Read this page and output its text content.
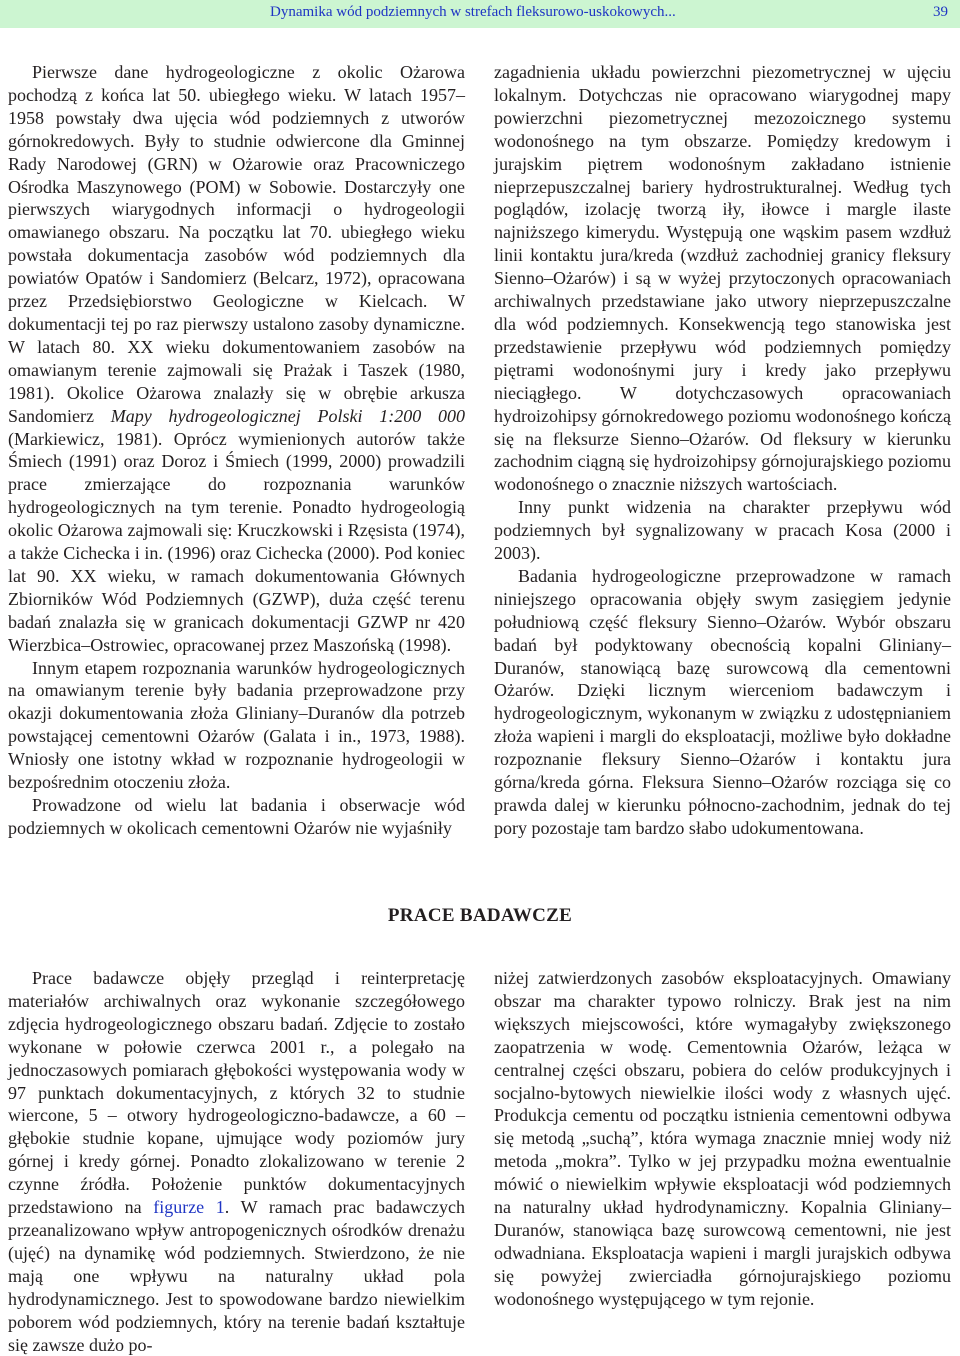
Dynamika wód podziemnych w strefach fleksurowo-uskokowych...	39

Pierwsze dane hydrogeologiczne z okolic Ożarowa pochodzą z końca lat 50. ubiegłego wieku. W latach 1957–1958 powstały dwa ujęcia wód podziemnych z utworów górnokredowych. Były to studnie odwiercone dla Gminnej Rady Narodowej (GRN) w Ożarowie oraz Pracowniczego Ośrodka Maszynowego (POM) w Sobowie. Dostarczyły one pierwszych wiarygodnych informacji o hydrogeologii omawianego obszaru. Na początku lat 70. ubiegłego wieku powstała dokumentacja zasobów wód podziemnych dla powiatów Opatów i Sandomierz (Belcarz, 1972), opracowana przez Przedsiębiorstwo Geologiczne w Kielcach. W dokumentacji tej po raz pierwszy ustalono zasoby dynamiczne. W latach 80. XX wieku dokumentowaniem zasobów na omawianym terenie zajmowali się Prażak i Taszek (1980, 1981). Okolice Ożarowa znalazły się w obrębie arkusza Sandomierz Mapy hydrogeologicznej Polski 1:200 000 (Markiewicz, 1981). Oprócz wymienionych autorów także Śmiech (1991) oraz Doroz i Śmiech (1999, 2000) prowadzili prace zmierzające do rozpoznania warunków hydrogeologicznych na tym terenie. Ponadto hydrogeologią okolic Ożarowa zajmowali się: Kruczkowski i Rzęsista (1974), a także Cichecka i in. (1996) oraz Cichecka (2000). Pod koniec lat 90. XX wieku, w ramach dokumentowania Głównych Zbiorników Wód Podziemnych (GZWP), duża część terenu badań znalazła się w granicach dokumentacji GZWP nr 420 Wierzbica–Ostrowiec, opracowanej przez Maszońską (1998).

Innym etapem rozpoznania warunków hydrogeologicznych na omawianym terenie były badania przeprowadzone przy okazji dokumentowania złoża Gliniany–Duranów dla potrzeb powstającej cementowni Ożarów (Galata i in., 1973, 1988). Wniosły one istotny wkład w rozpoznanie hydrogeologii w bezpośrednim otoczeniu złoża.

Prowadzone od wielu lat badania i obserwacje wód podziemnych w okolicach cementowni Ożarów nie wyjaśniły

zagadnienia układu powierzchni piezometrycznej w ujęciu lokalnym. Dotychczas nie opracowano wiarygodnej mapy powierzchni piezometrycznej mezozoicznego systemu wodonośnego na tym obszarze. Pomiędzy kredowym i jurajskim piętrem wodonośnym zakładano istnienie nieprzepuszczalnej bariery hydrostrukturalnej. Według tych poglądów, izolację tworzą iły, iłowce i margle ilaste najniższego kimerydu. Występują one wąskim pasem wzdłuż linii kontaktu jura/kreda (wzdłuż zachodniej granicy fleksury Sienno–Ożarów) i są w wyżej przytoczonych opracowaniach archiwalnych przedstawiane jako utwory nieprzepuszczalne dla wód podziemnych. Konsekwencją tego stanowiska jest przedstawienie przepływu wód podziemnych pomiędzy piętrami wodonośnymi jury i kredy jako przepływu nieciągłego. W dotychczasowych opracowaniach hydroizohipsy górnokredowego poziomu wodonośnego kończą się na fleksurze Sienno–Ożarów. Od fleksury w kierunku zachodnim ciągną się hydroizohipsy górnojurajskiego poziomu wodonośnego o znacznie niższych wartościach.

Inny punkt widzenia na charakter przepływu wód podziemnych był sygnalizowany w pracach Kosa (2000 i 2003).

Badania hydrogeologiczne przeprowadzone w ramach niniejszego opracowania objęły swym zasięgiem jedynie południową część fleksury Sienno–Ożarów. Wybór obszaru badań był podyktowany obecnością kopalni Gliniany–Duranów, stanowiącą bazę surowcową dla cementowni Ożarów. Dzięki licznym wierceniom badawczym i hydrogeologicznym, wykonanym w związku z udostępnianiem złoża wapieni i margli do eksploatacji, możliwe było dokładne rozpoznanie fleksury Sienno–Ożarów i kontaktu jura górna/kreda górna. Fleksura Sienno–Ożarów rozciąga się co prawda dalej w kierunku północno-zachodnim, jednak do tej pory pozostaje tam bardzo słabo udokumentowana.

PRACE BADAWCZE

Prace badawcze objęły przegląd i reinterpretację materiałów archiwalnych oraz wykonanie szczegółowego zdjęcia hydrogeologicznego obszaru badań. Zdjęcie to zostało wykonane w połowie czerwca 2001 r., a polegało na jednoczasowych pomiarach głębokości występowania wody w 97 punktach dokumentacyjnych, z których 32 to studnie wiercone, 5 – otwory hydrogeologiczno-badawcze, a 60 – głębokie studnie kopane, ujmujące wody poziomów jury górnej i kredy górnej. Ponadto zlokalizowano w terenie 2 czynne źródła. Położenie punktów dokumentacyjnych przedstawiono na figurze 1. W ramach prac badawczych przeanalizowano wpływ antropogenicznych ośrodków drenażu (ujęć) na dynamikę wód podziemnych. Stwierdzono, że nie mają one wpływu na naturalny układ pola hydrodynamicznego. Jest to spowodowane bardzo niewielkim poborem wód podziemnych, który na terenie badań kształtuje się zawsze dużo po-

niżej zatwierdzonych zasobów eksploatacyjnych. Omawiany obszar ma charakter typowo rolniczy. Brak jest na nim większych miejscowości, które wymagałyby zwiększonego zaopatrzenia w wodę. Cementownia Ożarów, leżąca w centralnej części obszaru, pobiera do celów produkcyjnych i socjalno-bytowych niewielkie ilości wody z własnych ujęć. Produkcja cementu od początku istnienia cementowni odbywa się metodą „suchą”, która wymaga znacznie mniej wody niż metoda „mokra”. Tylko w jej przypadku można ewentualnie mówić o niewielkim wpływie eksploatacji wód podziemnych na naturalny układ hydrodynamiczny. Kopalnia Gliniany–Duranów, stanowiąca bazę surowcową cementowni, nie jest odwadniana. Eksploatacja wapieni i margli jurajskich odbywa się powyżej zwierciadła górnojurajskiego poziomu wodonośnego występującego w tym rejonie.
